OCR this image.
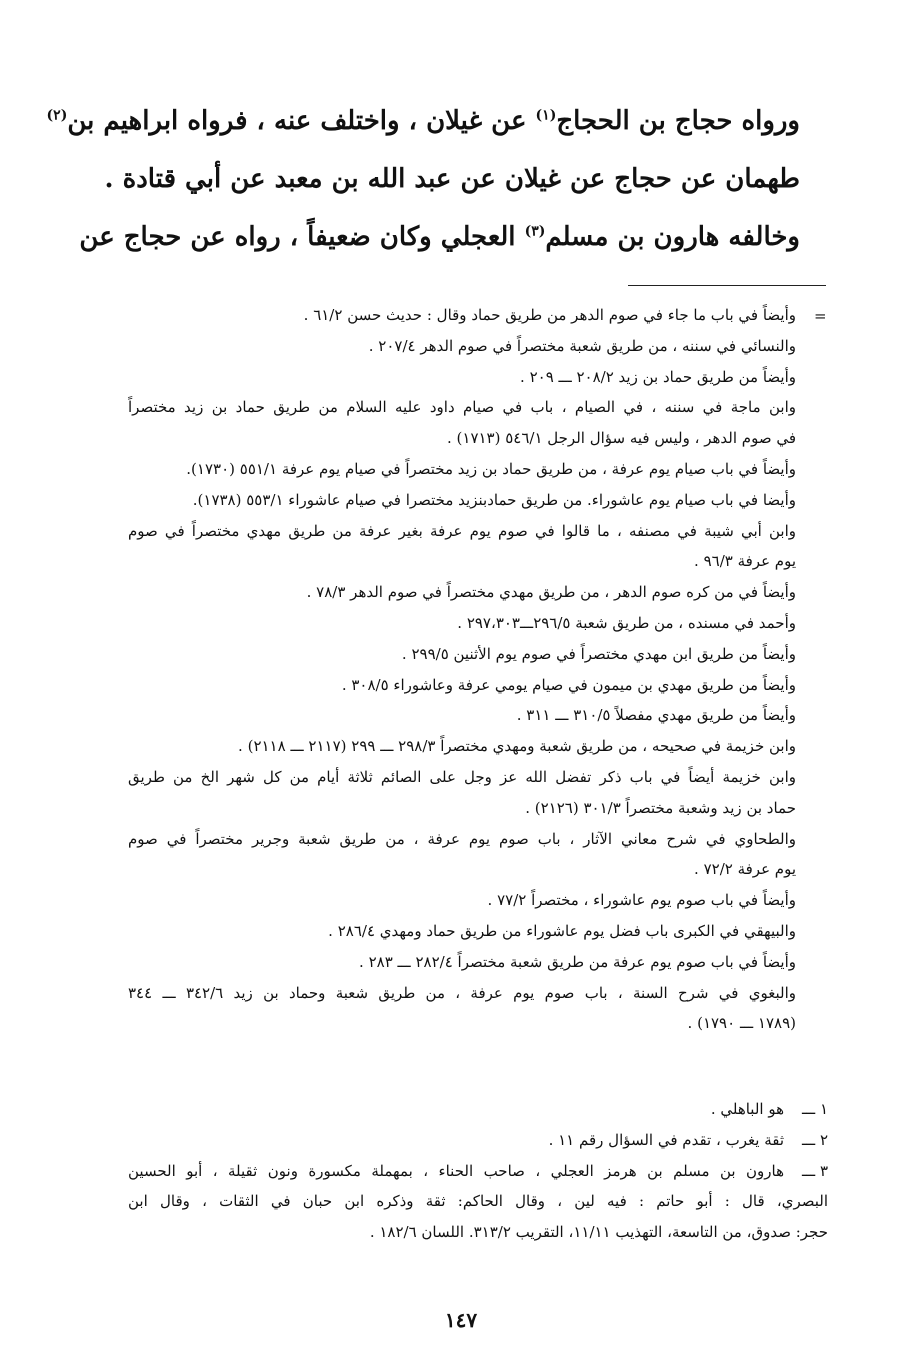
ورواه حجاج بن الحجاج$^{(١)}$ عن غيلان ، واختلف عنه ، فرواه ابراهيم بن$^{(٢)}$

طهمان عن حجاج عن غيلان عن عبد الله بن معبد عن أبي قتادة .

وخالفه هارون بن مسلم$^{(٣)}$ العجلي وكان ضعيفاً ، رواه عن حجاج عن

=
وأيضاً في باب ما جاء في صوم الدهر من طريق حماد وقال : حديث حسن ٦١/٢ .
والنسائي في سننه ، من طريق شعبة مختصراً في صوم الدهر ٢٠٧/٤ .
وأيضاً من طريق حماد بن زيد ٢٠٨/٢ ـــ ٢٠٩ .
وابن ماجة في سننه ، في الصيام ، باب في صيام داود عليه السلام من طريق حماد بن زيد مختصراً
في صوم الدهر ، وليس فيه سؤال الرجل ٥٤٦/١ (١٧١٣) .
وأيضاً في باب صيام يوم عرفة ، من طريق حماد بن زيد مختصراً في صيام يوم عرفة ٥٥١/١ (١٧٣٠).
وأيضا في باب صيام يوم عاشوراء. من طريق حمادبنزيد مختصرا في صيام عاشوراء ٥٥٣/١ (١٧٣٨).
وابن أبي شيبة في مصنفه ، ما قالوا في صوم يوم عرفة بغير عرفة من طريق مهدي مختصراً في صوم
يوم عرفة ٩٦/٣ .
وأيضاً في من كره صوم الدهر ، من طريق مهدي مختصراً في صوم الدهر ٧٨/٣ .
وأحمد في مسنده ، من طريق شعبة ٢٩٦/٥ـــ٢٩٧،٣٠٣ .
وأيضاً من طريق ابن مهدي مختصراً في صوم يوم الأثنين ٢٩٩/٥ .
وأيضاً من طريق مهدي بن ميمون في صيام يومي عرفة وعاشوراء ٣٠٨/٥ .
وأيضاً من طريق مهدي مفصلاً ٣١٠/٥ ـــ ٣١١ .
وابن خزيمة في صحيحه ، من طريق شعبة ومهدي مختصراً ٢٩٨/٣ ـــ ٢٩٩ (٢١١٧ ـــ ٢١١٨) .
وابن خزيمة أيضاً في باب ذكر تفضل الله عز وجل على الصائم ثلاثة أيام من كل شهر الخ من طريق
حماد بن زيد وشعبة مختصراً ٣٠١/٣ (٢١٢٦) .
والطحاوي في شرح معاني الآثار ، باب صوم يوم عرفة ، من طريق شعبة وجرير مختصراً في صوم
يوم عرفة ٧٢/٢ .
وأيضاً في باب صوم يوم عاشوراء ، مختصراً ٧٧/٢ .
والبيهقي في الكبرى باب فضل يوم عاشوراء من طريق حماد ومهدي ٢٨٦/٤ .
وأيضاً في باب صوم يوم عرفة من طريق شعبة مختصراً ٢٨٢/٤ ـــ ٢٨٣ .
والبغوي في شرح السنة ، باب صوم يوم عرفة ، من طريق شعبة وحماد بن زيد ٣٤٢/٦ ـــ ٣٤٤
(١٧٨٩ ـــ ١٧٩٠) .
١ ـــ
هو الباهلي .
٢ ـــ
ثقة يغرب ، تقدم في السؤال رقم ١١ .
٣ ـــ
هارون بن مسلم بن هرمز العجلي ، صاحب الحناء ، بمهملة مكسورة ونون ثقيلة ، أبو الحسين
البصري، قال : أبو حاتم : فيه لين ، وقال الحاكم: ثقة وذكره ابن حبان في الثقات ، وقال ابن
حجر: صدوق، من التاسعة، التهذيب ١١/١١، التقريب ٣١٣/٢. اللسان ١٨٢/٦ .
١٤٧
